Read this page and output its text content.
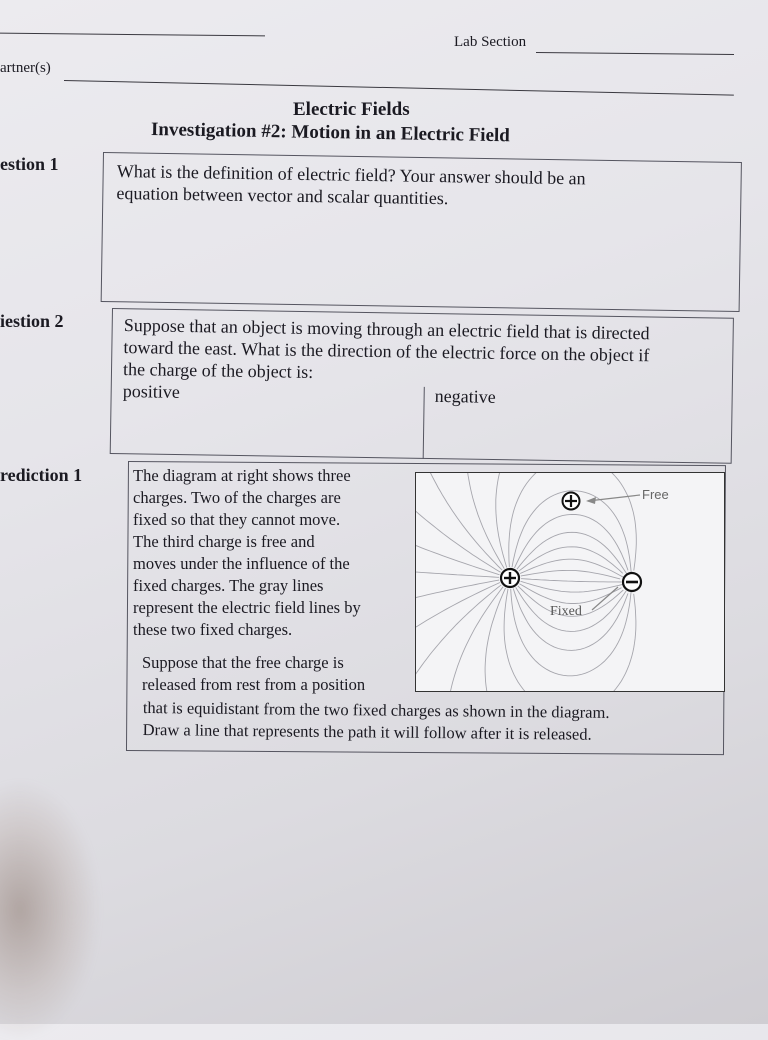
Lab Section
artner(s)
Electric Fields
Investigation #2: Motion in an Electric Field
estion 1	What is the definition of electric field? Your answer should be an
equation between vector and scalar quantities.
iestion 2	Suppose that an object is moving through an electric field that is directed
toward the east. What is the direction of the electric force on the object if
the charge of the object is:
positive	negative
rediction 1	The diagram at right shows three
charges. Two of the charges are
fixed so that they cannot move.
The third charge is free and
moves under the influence of the
fixed charges. The gray lines
represent the electric field lines by
these two fixed charges.
Suppose that the free charge is
released from rest from a position
that is equidistant from the two fixed charges as shown in the diagram.
Draw a line that represents the path it will follow after it is released.
Free
Fixed
